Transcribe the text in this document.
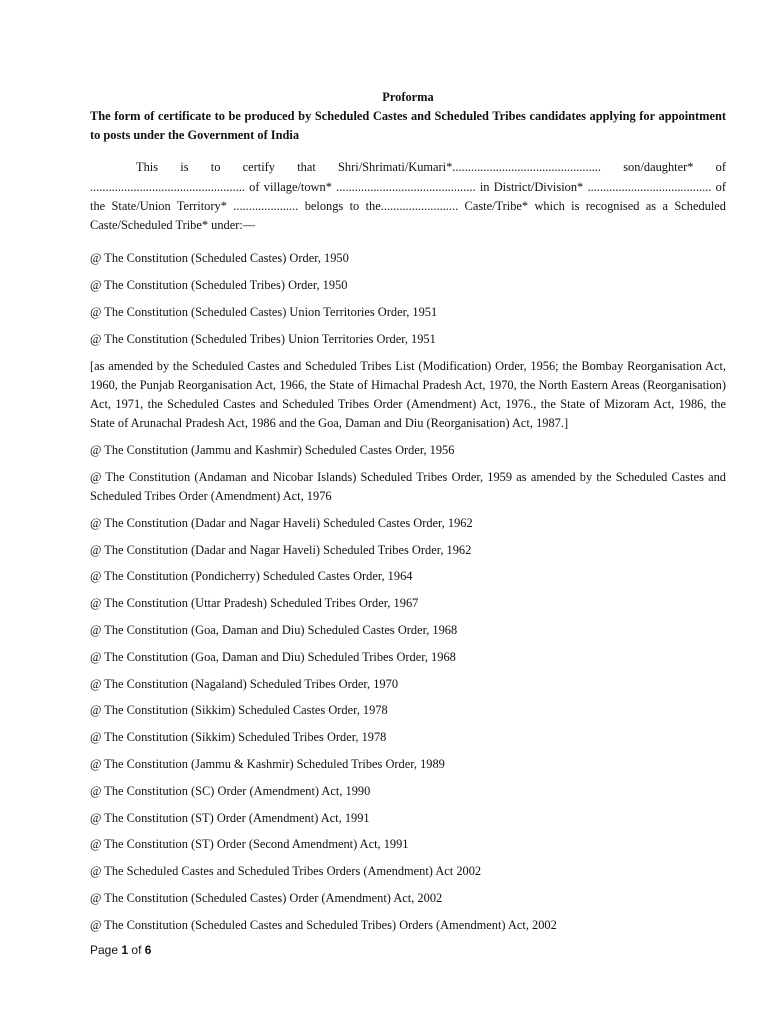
Proforma

The form of certificate to be produced by Scheduled Castes and Scheduled Tribes candidates applying for appointment to posts under the Government of India

This is to certify that Shri/Shrimati/Kumari*................................................ son/daughter* of .................................................. of village/town* ............................................. in District/Division* ........................................ of the State/Union Territory* ..................... belongs to the......................... Caste/Tribe* which is recognised as a Scheduled Caste/Scheduled Tribe* under:—

@ The Constitution (Scheduled Castes) Order, 1950

@ The Constitution (Scheduled Tribes) Order, 1950

@ The Constitution (Scheduled Castes) Union Territories Order, 1951

@ The Constitution (Scheduled Tribes) Union Territories Order, 1951

[as amended by the Scheduled Castes and Scheduled Tribes List (Modification) Order, 1956; the Bombay Reorganisation Act, 1960, the Punjab Reorganisation Act, 1966, the State of Himachal Pradesh Act, 1970, the North Eastern Areas (Reorganisation) Act, 1971, the Scheduled Castes and Scheduled Tribes Order (Amendment) Act, 1976., the State of Mizoram Act, 1986, the State of Arunachal Pradesh Act, 1986 and the Goa, Daman and Diu (Reorganisation) Act, 1987.]

@ The Constitution (Jammu and Kashmir) Scheduled Castes Order, 1956

@ The Constitution (Andaman and Nicobar Islands) Scheduled Tribes Order, 1959 as amended by the Scheduled Castes and Scheduled Tribes Order (Amendment) Act, 1976

@ The Constitution (Dadar and Nagar Haveli) Scheduled Castes Order, 1962

@ The Constitution (Dadar and Nagar Haveli) Scheduled Tribes Order, 1962

@ The Constitution (Pondicherry) Scheduled Castes Order, 1964

@ The Constitution (Uttar Pradesh) Scheduled Tribes Order, 1967

@ The Constitution (Goa, Daman and Diu) Scheduled Castes Order, 1968

@ The Constitution (Goa, Daman and Diu) Scheduled Tribes Order, 1968

@ The Constitution (Nagaland) Scheduled Tribes Order, 1970

@ The Constitution (Sikkim) Scheduled Castes Order, 1978

@ The Constitution (Sikkim) Scheduled Tribes Order, 1978

@ The Constitution (Jammu & Kashmir) Scheduled Tribes Order, 1989

@ The Constitution (SC) Order (Amendment) Act, 1990

@ The Constitution (ST) Order (Amendment) Act, 1991

@ The Constitution (ST) Order (Second Amendment) Act, 1991

@ The Scheduled Castes and Scheduled Tribes Orders (Amendment) Act 2002

@ The Constitution (Scheduled Castes) Order (Amendment) Act, 2002

@ The Constitution (Scheduled Castes and Scheduled Tribes) Orders (Amendment) Act, 2002

Page 1 of 6
